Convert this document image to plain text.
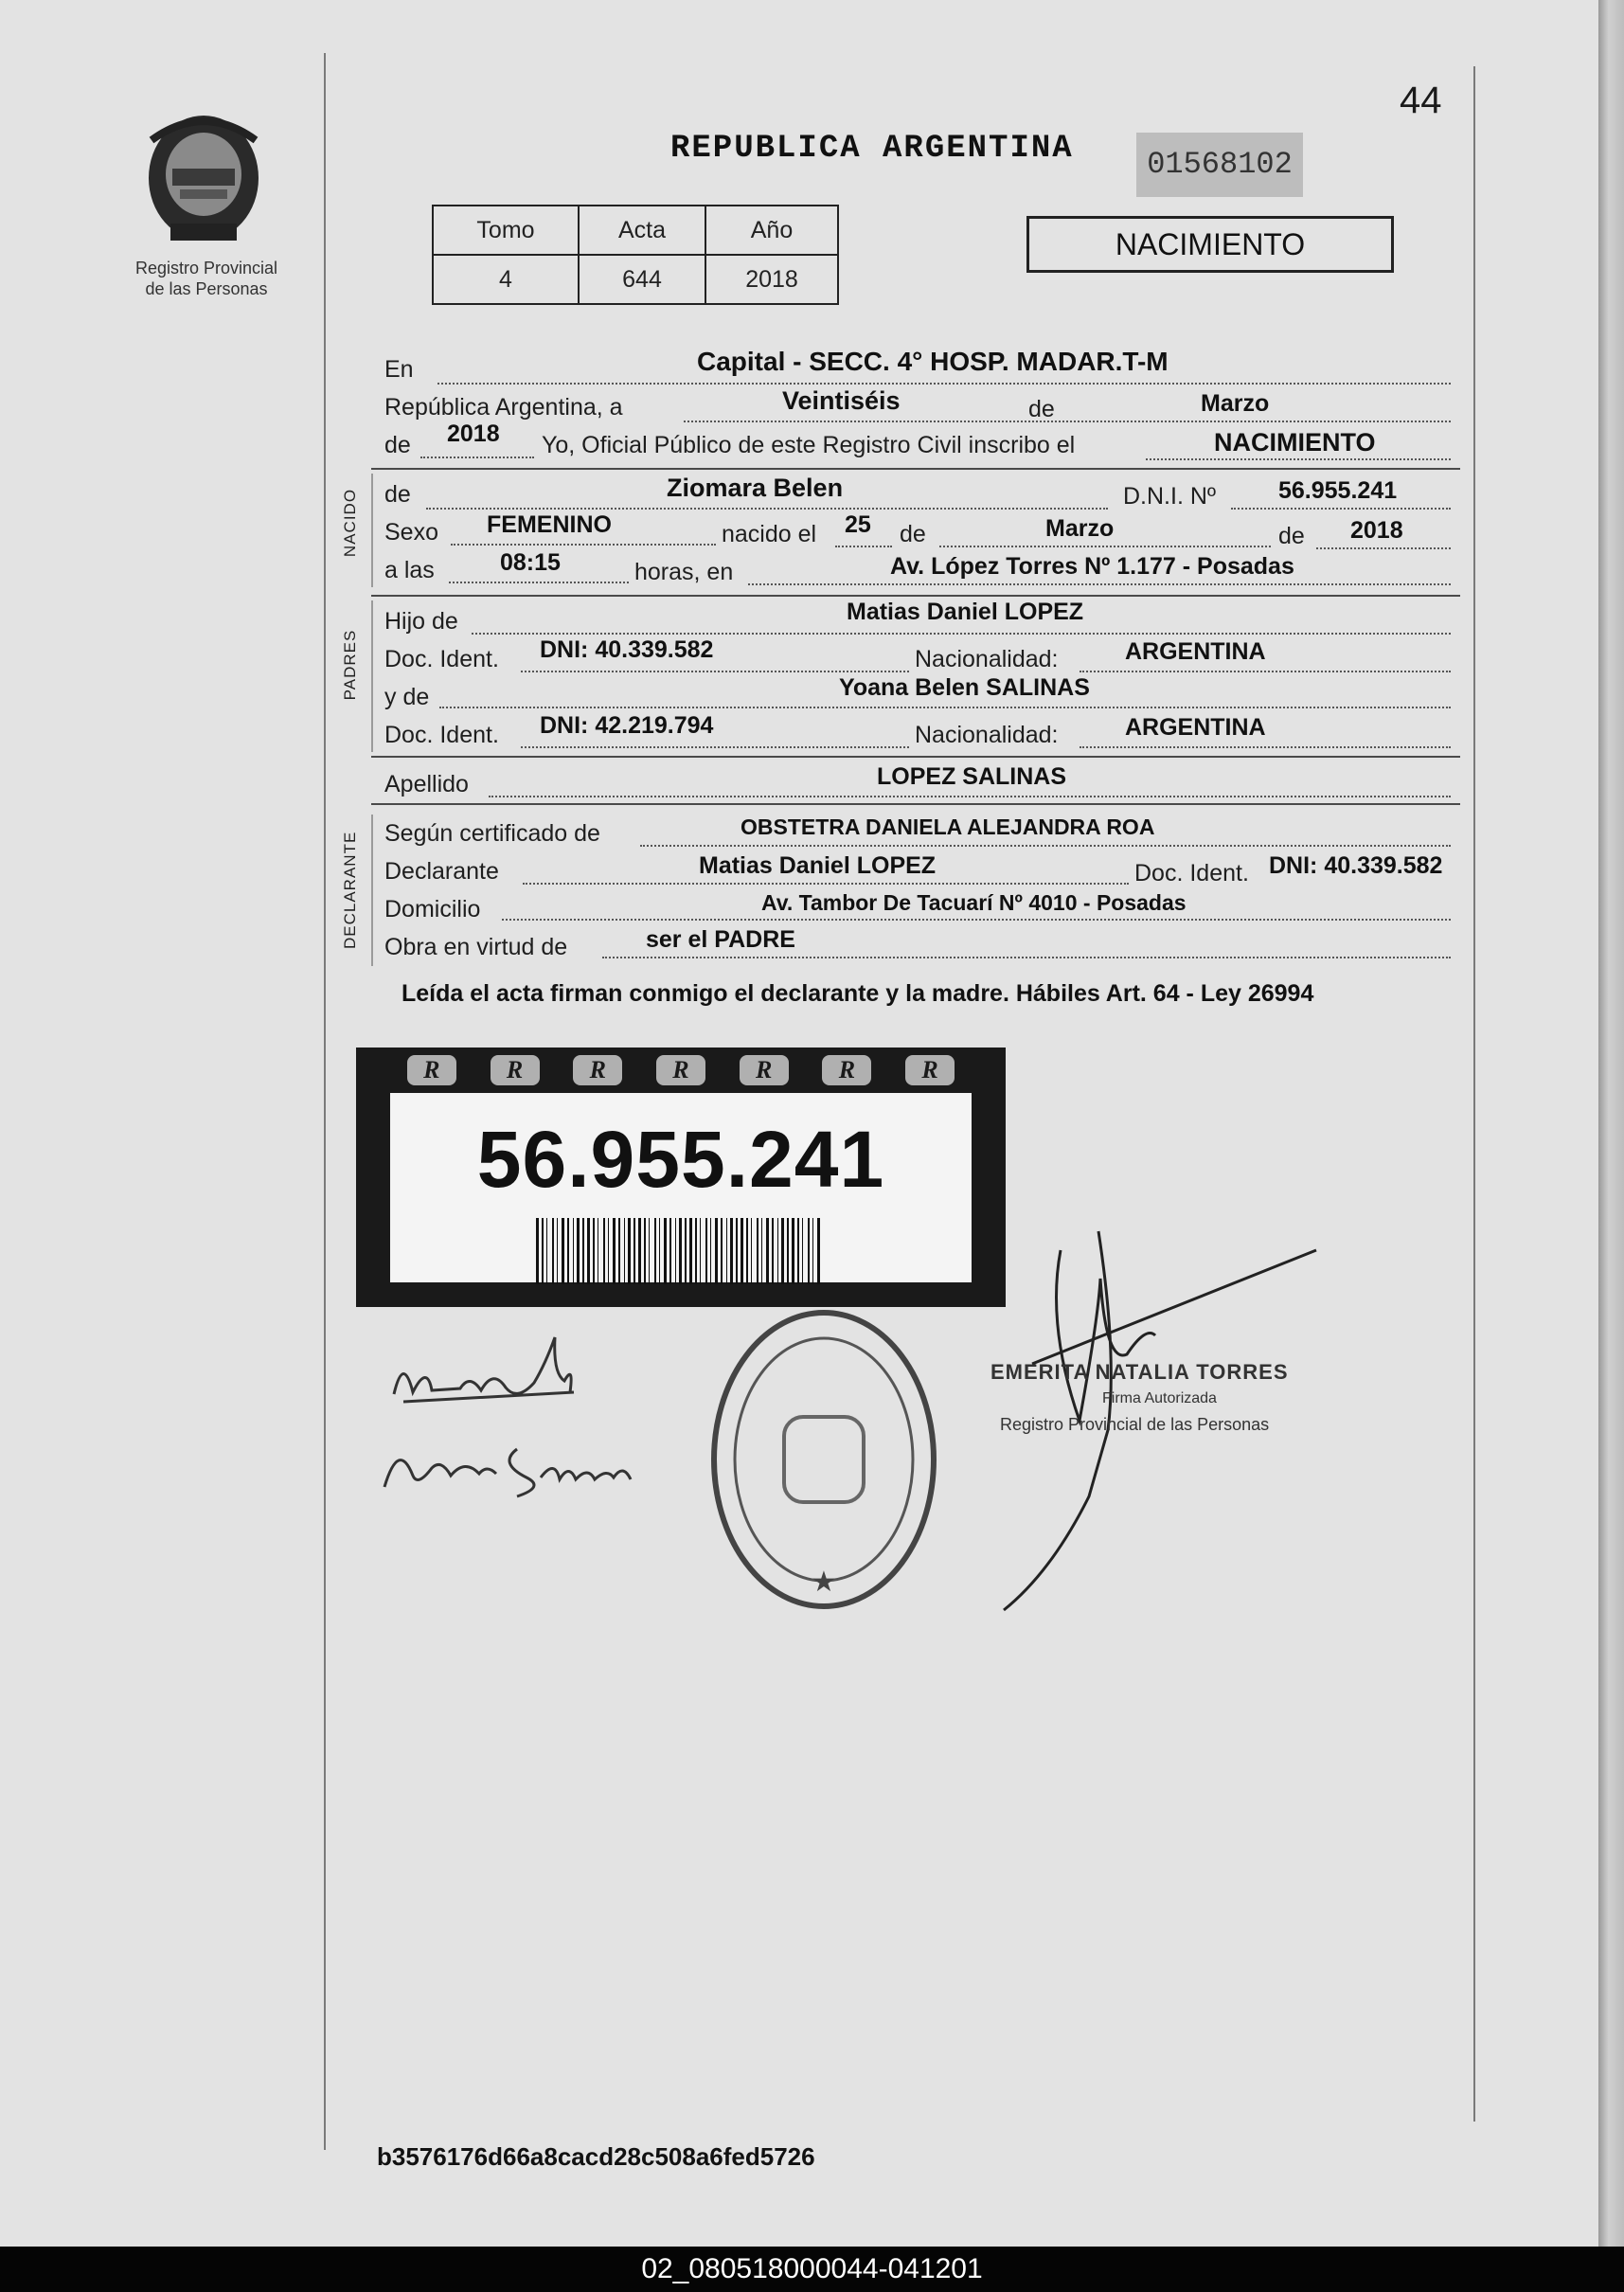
Registro Provincial
de las Personas
44
REPUBLICA ARGENTINA	01568102
Tomo	Acta	Año
4	644	2018
NACIMIENTO
En	Capital - SECC. 4° HOSP. MADAR.T-M
República Argentina, a	Veintiséis	de	Marzo
de 2018 Yo, Oficial Público de este Registro Civil inscribo el	NACIMIENTO
NACIDO de	Ziomara Belen	D.N.I. Nº	56.955.241
Sexo FEMENINO	nacido el 25 de	Marzo	de 2018
a las	08:15	horas, en	Av. López Torres Nº 1.177 - Posadas
PADRES
Hijo de	Matias Daniel LOPEZ
Doc. Ident. DNI: 40.339.582	Nacionalidad:	ARGENTINA
y de	Yoana Belen SALINAS
Doc. Ident. DNI: 42.219.794	Nacionalidad:	ARGENTINA
Apellido	LOPEZ SALINAS
DECLARANTE Según certificado de	OBSTETRA DANIELA ALEJANDRA ROA
Declarante	Matias Daniel LOPEZ	Doc. Ident. DNI: 40.339.582
Domicilio	Av. Tambor De Tacuarí Nº 4010 - Posadas
Obra en virtud de	ser el PADRE
Leída el acta firman conmigo el declarante y la madre. Hábiles Art. 64 - Ley 26994
R	R	R	R	R	R	R
56.955.241
★
EMERITA NATALIA TORRES
Firma Autorizada
Registro Provincial de las Personas
b3576176d66a8cacd28c508a6fed5726
02_080518000044-041201
